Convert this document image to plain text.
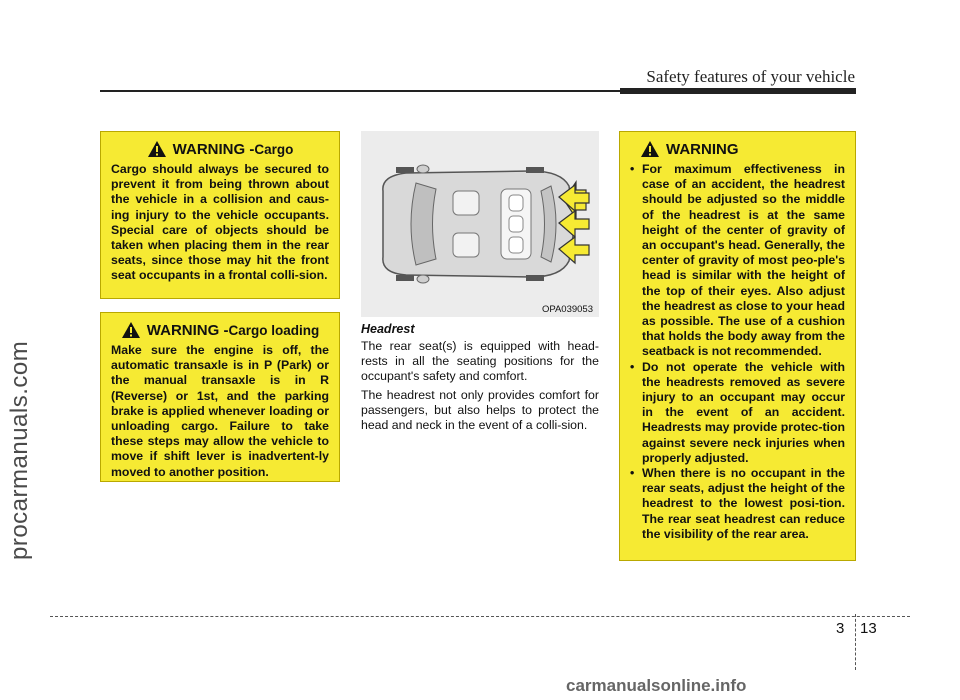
procarmanuals.com
Safety features of your vehicle
WARNING - Cargo
Cargo should always be secured to prevent it from being thrown about the vehicle in a collision and caus-ing injury to the vehicle occupants. Special care of objects should be taken when placing them in the rear seats, since those may hit the front seat occupants in a frontal colli-sion.
WARNING - Cargo loading
Make sure the engine is off, the automatic transaxle is in P (Park) or the manual transaxle is in R (Reverse) or 1st, and the parking brake is applied whenever loading or unloading cargo. Failure to take these steps may allow the vehicle to move if shift lever is inadvertent-ly moved to another position.
OPA039053
Headrest
The rear seat(s) is equipped with head-rests in all the seating positions for the occupant's safety and comfort.
The headrest not only provides comfort for passengers, but also helps to protect the head and neck in the event of a colli-sion.
WARNING
• For maximum effectiveness in case of an accident, the headrest should be adjusted so the middle of the headrest is at the same height of the center of gravity of an occupant's head. Generally, the center of gravity of most peo-ple's head is similar with the height of the top of their eyes. Also adjust the headrest as close to your head as possible. The use of a cushion that holds the body away from the seatback is not recommended.
• Do not operate the vehicle with the headrests removed as severe injury to an occupant may occur in the event of an accident. Headrests may provide protec-tion against severe neck injuries when properly adjusted.
• When there is no occupant in the rear seats, adjust the height of the headrest to the lowest posi-tion. The rear seat headrest can reduce the visibility of the rear area.
3 13
carmanualsonline.info
